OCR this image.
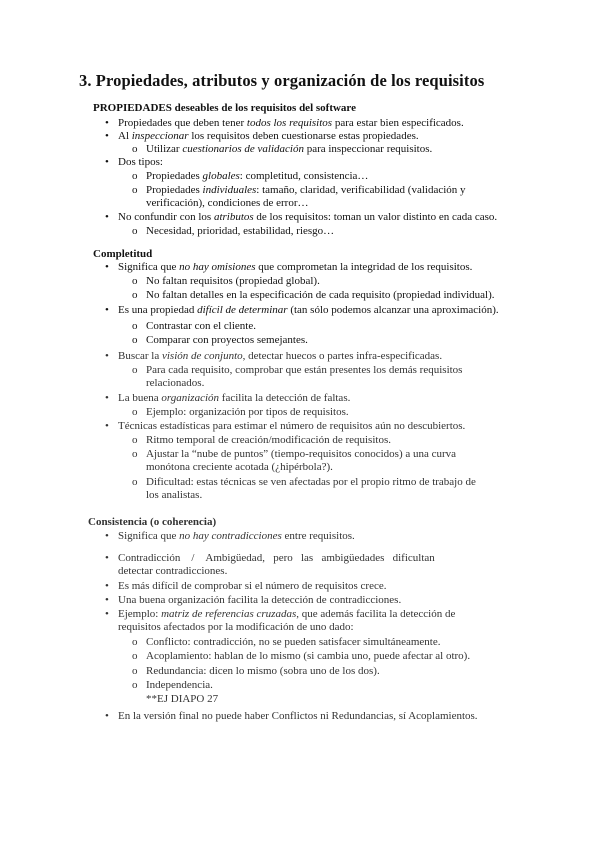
3. Propiedades, atributos y organización de los requisitos
PROPIEDADES deseables de los requisitos del software
Propiedades que deben tener todos los requisitos para estar bien especificados.
•
Al inspeccionar los requisitos deben cuestionarse estas propiedades.
•
Utilizar cuestionarios de validación para inspeccionar requisitos.
o
Dos tipos:
•
Propiedades globales: completitud, consistencia…
o
Propiedades individuales: tamaño, claridad, verificabilidad (validación y
o
verificación), condiciones de error…
No confundir con los atributos de los requisitos: toman un valor distinto en cada caso.
•
Necesidad, prioridad, estabilidad, riesgo…
o
Completitud
Significa que no hay omisiones que comprometan la integridad de los requisitos.
•
No faltan requisitos (propiedad global).
o
No faltan detalles en la especificación de cada requisito (propiedad individual).
o
Es una propiedad difícil de determinar (tan sólo podemos alcanzar una aproximación).
•
Contrastar con el cliente.
o
Comparar con proyectos semejantes.
o
Buscar la visión de conjunto, detectar huecos o partes infra-especificadas.
•
Para cada requisito, comprobar que están presentes los demás requisitos
o
relacionados.
La buena organización facilita la detección de faltas.
•
Ejemplo: organización por tipos de requisitos.
o
Técnicas estadísticas para estimar el número de requisitos aún no descubiertos.
•
Ritmo temporal de creación/modificación de requisitos.
o
Ajustar la “nube de puntos” (tiempo-requisitos conocidos) a una curva
o
monótona creciente acotada (¿hipérbola?).
Dificultad: estas técnicas se ven afectadas por el propio ritmo de trabajo de
o
los analistas.
Consistencia (o coherencia)
Significa que no hay contradicciones entre requisitos.
•
Contradicción    /    Ambigüedad,   pero   las   ambigüedades   dificultan
•
detectar contradicciones.
Es más difícil de comprobar si el número de requisitos crece.
•
Una buena organización facilita la detección de contradicciones.
•
Ejemplo: matriz de referencias cruzadas, que además facilita la detección de
•
requisitos afectados por la modificación de uno dado:
Conflicto: contradicción, no se pueden satisfacer simultáneamente.
o
Acoplamiento: hablan de lo mismo (si cambia uno, puede afectar al otro).
o
Redundancia: dicen lo mismo (sobra uno de los dos).
o
Independencia.
o
**EJ DIAPO 27
En la versión final no puede haber Conflictos ni Redundancias, sí Acoplamientos.
•
